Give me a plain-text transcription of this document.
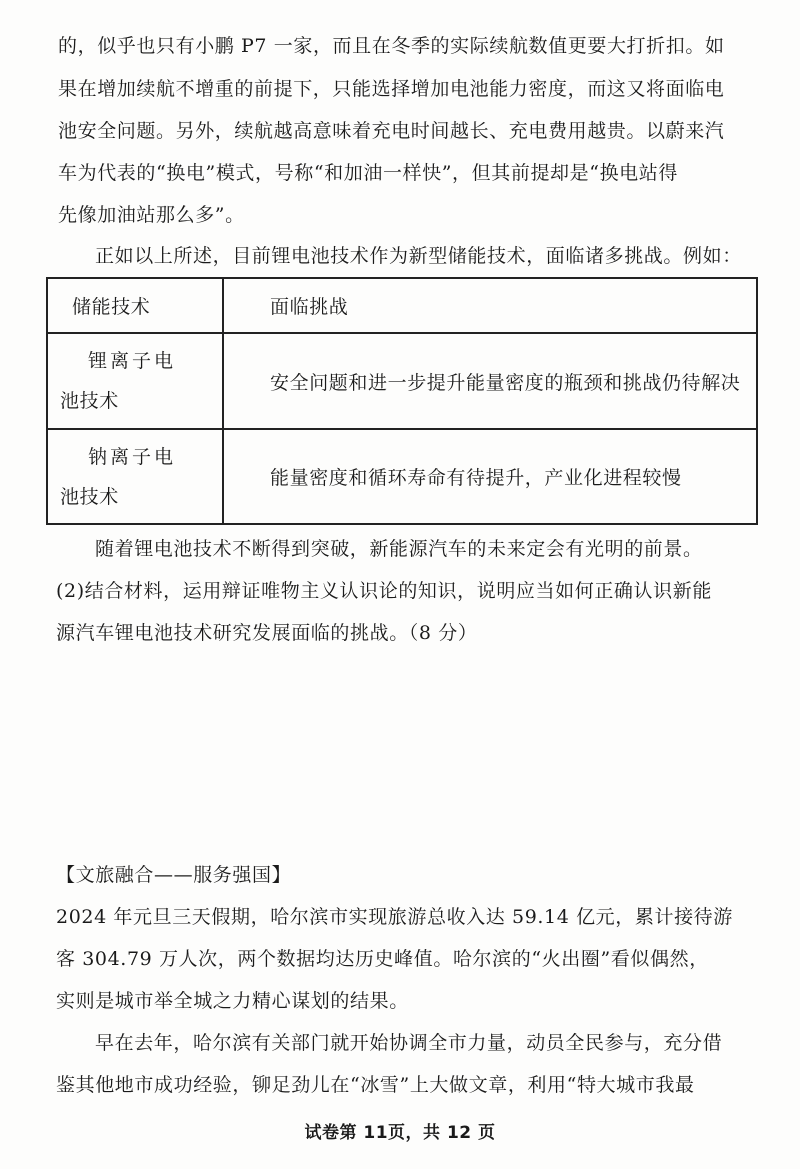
的，似乎也只有小鹏 P7 一家，而且在冬季的实际续航数值更要大打折扣。如
果在增加续航不增重的前提下，只能选择增加电池能力密度，而这又将面临电
池安全问题。另外，续航越高意味着充电时间越长、充电费用越贵。以蔚来汽
车为代表的“换电”模式，号称“和加油一样快”，但其前提却是“换电站得
先像加油站那么多”。
正如以上所述，目前锂电池技术作为新型储能技术，面临诸多挑战。例如：
储能技术	面临挑战

锂离子电
池技术	安全问题和进一步提升能量密度的瓶颈和挑战仍待解决

钠离子电
池技术	能量密度和循环寿命有待提升，产业化进程较慢
随着锂电池技术不断得到突破，新能源汽车的未来定会有光明的前景。
(2)结合材料，运用辩证唯物主义认识论的知识，说明应当如何正确认识新能
源汽车锂电池技术研究发展面临的挑战。（8 分）
【文旅融合——服务强国】
2024 年元旦三天假期，哈尔滨市实现旅游总收入达 59.14 亿元，累计接待游
客 304.79 万人次，两个数据均达历史峰值。哈尔滨的“火出圈”看似偶然，
实则是城市举全城之力精心谋划的结果。
早在去年，哈尔滨有关部门就开始协调全市力量，动员全民参与，充分借
鉴其他地市成功经验，铆足劲儿在“冰雪”上大做文章，利用“特大城市我最
试卷第 11页，共 12 页
